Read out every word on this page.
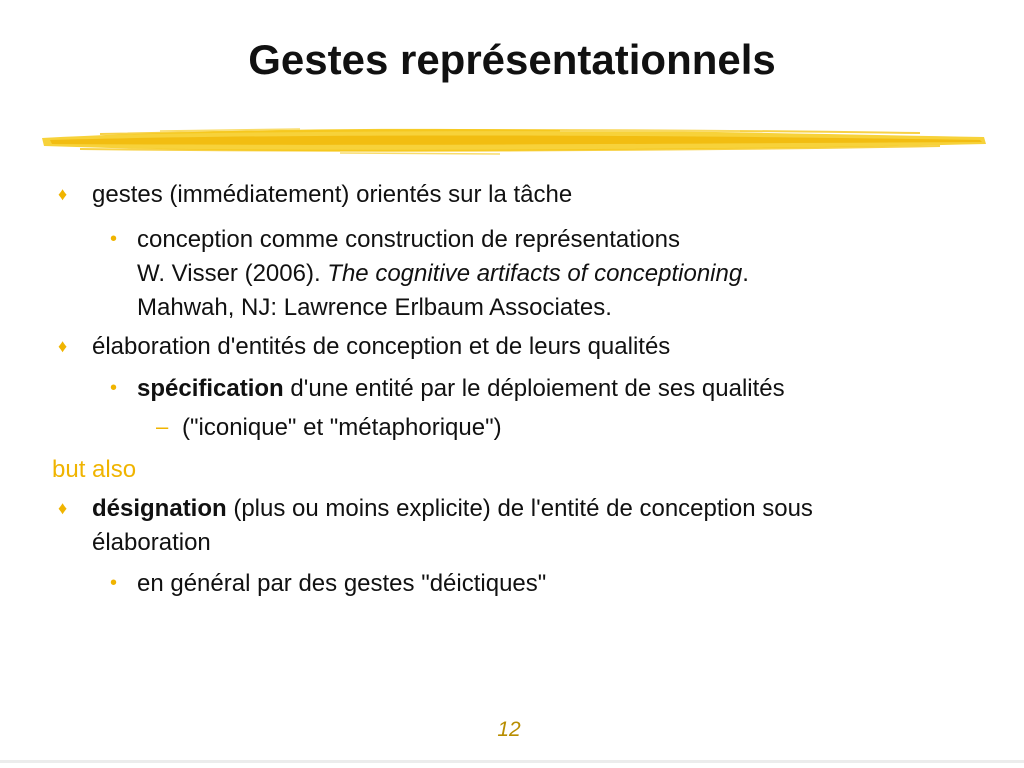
Gestes représentationnels
♦ gestes (immédiatement) orientés sur la tâche
• conception comme construction de représentations
W. Visser (2006). The cognitive artifacts of conceptioning.
Mahwah, NJ: Lawrence Erlbaum Associates.
♦ élaboration d'entités de conception et de leurs qualités
• spécification d'une entité par le déploiement de ses qualités
– ("iconique" et "métaphorique")
but also
♦ désignation (plus ou moins explicite) de l'entité de conception sous
élaboration
• en général par des gestes "déictiques"
12
